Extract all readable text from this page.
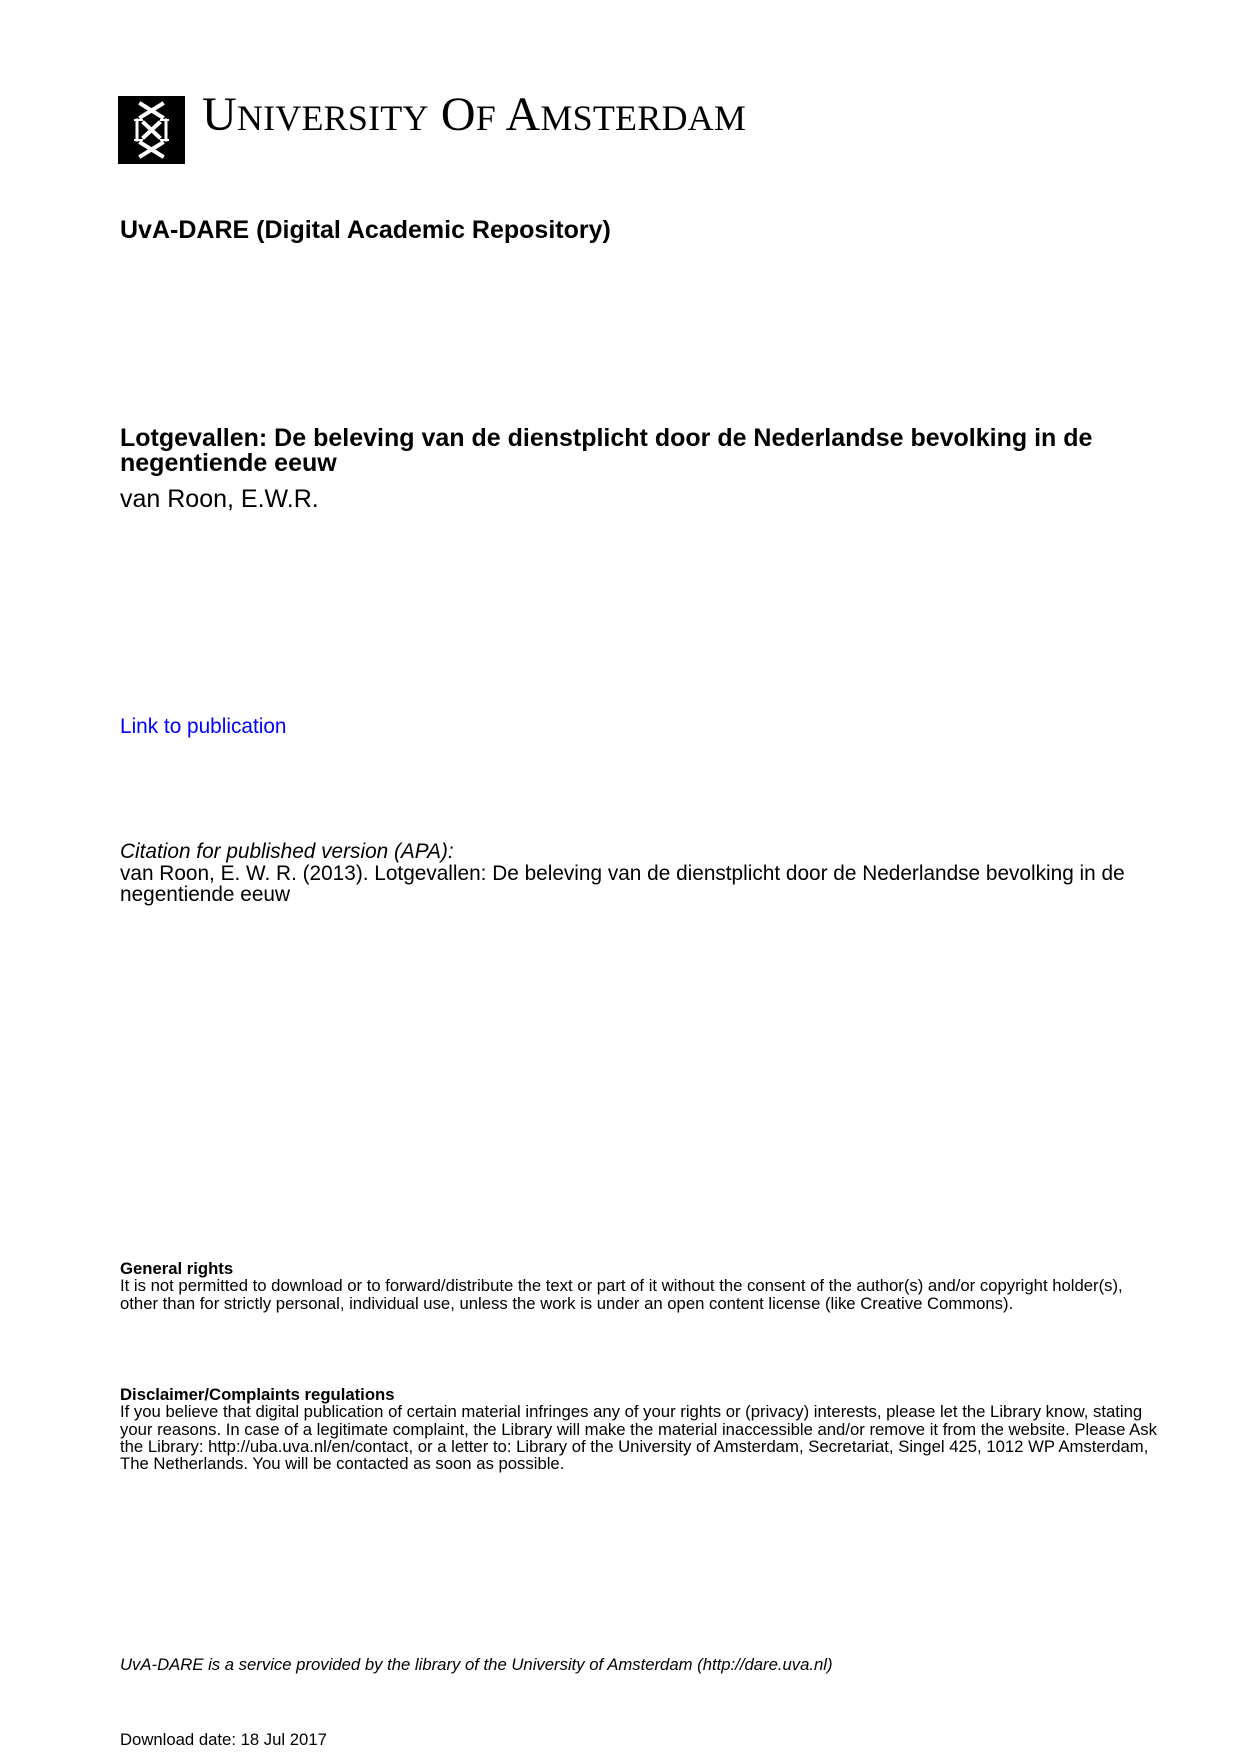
UNIVERSITY OF AMSTERDAM
UvA-DARE (Digital Academic Repository)
Lotgevallen: De beleving van de dienstplicht door de Nederlandse bevolking in de
negentiende eeuw
van Roon, E.W.R.
Link to publication
Citation for published version (APA):
van Roon, E. W. R. (2013). Lotgevallen: De beleving van de dienstplicht door de Nederlandse bevolking in de
negentiende eeuw
General rights
It is not permitted to download or to forward/distribute the text or part of it without the consent of the author(s) and/or copyright holder(s),
other than for strictly personal, individual use, unless the work is under an open content license (like Creative Commons).
Disclaimer/Complaints regulations
If you believe that digital publication of certain material infringes any of your rights or (privacy) interests, please let the Library know, stating
your reasons. In case of a legitimate complaint, the Library will make the material inaccessible and/or remove it from the website. Please Ask
the Library: http://uba.uva.nl/en/contact, or a letter to: Library of the University of Amsterdam, Secretariat, Singel 425, 1012 WP Amsterdam,
The Netherlands. You will be contacted as soon as possible.
UvA-DARE is a service provided by the library of the University of Amsterdam (http://dare.uva.nl)
Download date: 18 Jul 2017
